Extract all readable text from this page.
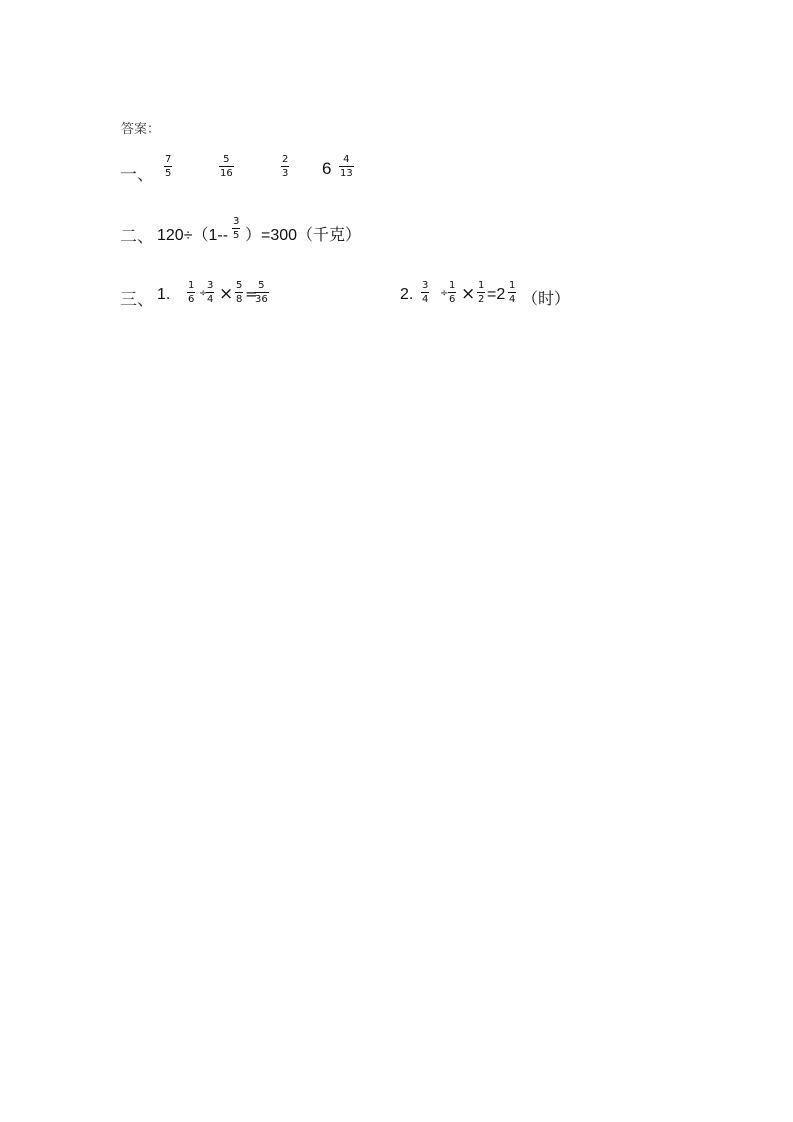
答案：
一、 $\frac{7}{5}$	$\frac{5}{16}$	$\frac{2}{3} 6 \frac{4}{13}$
二、 $120\div(1-- \frac{3}{5} )=300$（千克）
三、 1. $\frac{1}{6}$ ÷
$\frac{3}{4} \times \frac{5}{8}$ =
$\frac{5}{36}$	2. $\frac{3}{4} \div \frac{1}{6} \times \frac{1}{2} =2 \frac{1}{4}$ （时）
